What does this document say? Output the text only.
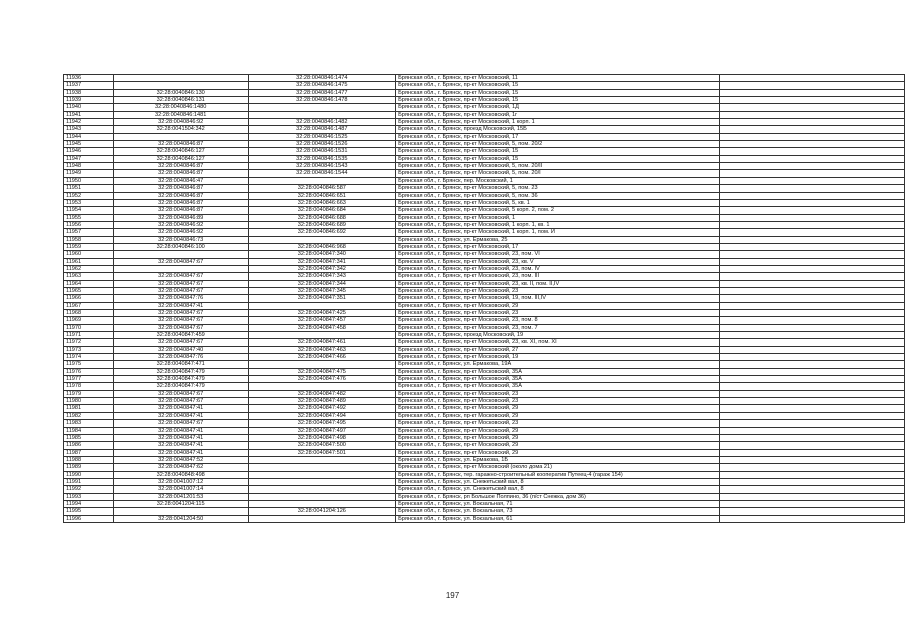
11936		32:28:0040846:1474	Брянская обл., г. Брянск, пр-кт Московский, 11	
11937		32:28:0040846:1475	Брянская обл., г. Брянск, пр-кт Московский, 15	
11938	32:28:0040846:130	32:28:0040846:1477	Брянская обл., г. Брянск, пр-кт Московский, 15	
11939	32:28:0040846:131	32:28:0040846:1478	Брянская обл., г. Брянск, пр-кт Московский, 15	
11940	32:28:0040846:1480		Брянская обл., г. Брянск, пр-кт Московский, 1Д	
11941	32:28:0040846:1481		Брянская обл., г. Брянск, пр-кт Московский, 1г	
11942	32:28:0040846:92	32:28:0040846:1482	Брянская обл., г. Брянск, пр-кт Московский, 1 корп. 1	
11943	32:28:0041504:342	32:28:0040846:1487	Брянская обл., г. Брянск, проезд Московский, 15Б	
11944		32:28:0040846:1525	Брянская обл., г. Брянск, пр-кт Московский, 17	
11945	32:28:0040846:87	32:28:0040846:1526	Брянская обл., г. Брянск, пр-кт Московский, 5, пом. 20/2	
11946	32:28:0040846:127	32:28:0040846:1531	Брянская обл., г. Брянск, пр-кт Московский, 15	
11947	32:28:0040846:127	32:28:0040846:1535	Брянская обл., г. Брянск, пр-кт Московский, 15	
11948	32:28:0040846:87	32:28:0040846:1543	Брянская обл., г. Брянск, пр-кт Московский, 5, пом. 20/II	
11949	32:28:0040846:87	32:28:0040846:1544	Брянская обл., г. Брянск, пр-кт Московский, 5, пом. 20/I	
11950	32:28:0040846:47		Брянская обл., г. Брянск, пер. Московский, 1	
11951	32:28:0040846:87	32:28:0040846:587	Брянская обл., г. Брянск, пр-кт Московский, 5, пом. 23	
11952	32:28:0040846:87	32:28:0040846:651	Брянская обл., г. Брянск, пр-кт Московский, 5, пом. 36	
11953	32:28:0040846:87	32:28:0040846:663	Брянская обл., г. Брянск, пр-кт Московский, 5, кв. 1	
11954	32:28:0040846:87	32:28:0040846:684	Брянская обл., г. Брянск, пр-кт Московский, 5 корп. 2, пом. 2	
11955	32:28:0040846:89	32:28:0040846:688	Брянская обл., г. Брянск, пр-кт Московский, 1	
11956	32:28:0040846:92	32:28:0040846:689	Брянская обл., г. Брянск, пр-кт Московский, 1 корп. 1, кв. 1	
11957	32:28:0040846:92	32:28:0040846:692	Брянская обл., г. Брянск, пр-кт Московский, 1 корп. 1, пом. И	
11958	32:28:0040846:73		Брянская обл., г. Брянск, ул. Ермакова, 25	
11959	32:28:0040846:100	32:28:0040846:968	Брянская обл., г. Брянск, пр-кт Московский, 17	
11960		32:28:0040847:340	Брянская обл., г. Брянск, пр-кт Московский, 23, пом. VI	
11961	32:28:0040847:67	32:28:0040847:341	Брянская обл., г. Брянск, пр-кт Московский, 23, кв. V	
11962		32:28:0040847:342	Брянская обл., г. Брянск, пр-кт Московский, 23, пом. IV	
11963	32:28:0040847:67	32:28:0040847:343	Брянская обл., г. Брянск, пр-кт Московский, 23, пом. III	
11964	32:28:0040847:67	32:28:0040847:344	Брянская обл., г. Брянск, пр-кт Московский, 23, кв. II, пом. II,IV	
11965	32:28:0040847:67	32:28:0040847:345	Брянская обл., г. Брянск, пр-кт Московский, 23	
11966	32:28:0040847:76	32:28:0040847:351	Брянская обл., г. Брянск, пр-кт Московский, 19, пом. III,IV	
11967	32:28:0040847:41		Брянская обл., г. Брянск, пр-кт Московский, 29	
11968	32:28:0040847:67	32:28:0040847:425	Брянская обл., г. Брянск, пр-кт Московский, 23	
11969	32:28:0040847:67	32:28:0040847:457	Брянская обл., г. Брянск, пр-кт Московский, 23, пом. 8	
11970	32:28:0040847:67	32:28:0040847:458	Брянская обл., г. Брянск, пр-кт Московский, 23, пом. 7	
11971	32:28:0040847:459		Брянская обл., г. Брянск, проезд Московский, 19	
11972	32:28:0040847:67	32:28:0040847:461	Брянская обл., г. Брянск, пр-кт Московский, 23, кв. XI, пом. XI	
11973	32:28:0040847:40	32:28:0040847:463	Брянская обл., г. Брянск, пр-кт Московский, 27	
11974	32:28:0040847:76	32:28:0040847:466	Брянская обл., г. Брянск, пр-кт Московский, 19	
11975	32:28:0040847:471		Брянская обл., г. Брянск, ул. Ермакова, 19А	
11976	32:28:0040847:479	32:28:0040847:475	Брянская обл., г. Брянск, пр-кт Московский, 35А	
11977	32:28:0040847:479	32:28:0040847:476	Брянская обл., г. Брянск, пр-кт Московский, 35А	
11978	32:28:0040847:479		Брянская обл., г. Брянск, пр-кт Московский, 35А	
11979	32:28:0040847:67	32:28:0040847:482	Брянская обл., г. Брянск, пр-кт Московский, 23	
11980	32:28:0040847:67	32:28:0040847:489	Брянская обл., г. Брянск, пр-кт Московский, 23	
11981	32:28:0040847:41	32:28:0040847:492	Брянская обл., г. Брянск, пр-кт Московский, 29	
11982	32:28:0040847:41	32:28:0040847:494	Брянская обл., г. Брянск, пр-кт Московский, 29	
11983	32:28:0040847:67	32:28:0040847:495	Брянская обл., г. Брянск, пр-кт Московский, 23	
11984	32:28:0040847:41	32:28:0040847:497	Брянская обл., г. Брянск, пр-кт Московский, 29	
11985	32:28:0040847:41	32:28:0040847:498	Брянская обл., г. Брянск, пр-кт Московский, 29	
11986	32:28:0040847:41	32:28:0040847:500	Брянская обл., г. Брянск, пр-кт Московский, 29	
11987	32:28:0040847:41	32:28:0040847:501	Брянская обл., г. Брянск, пр-кт Московский, 29	
11988	32:28:0040847:52		Брянская обл., г. Брянск, ул. Ермакова, 1Б	
11989	32:28:0040847:62		Брянская обл., г. Брянск, пр-кт Московский (около дома 21)	
11990	32:28:0040848:498		Брянская обл., г. Брянск, тер. гаражно-строительный кооператив Путеец-4 (гараж 154)	
11991	32:28:0041007:12		Брянская обл., г. Брянск, ул. Снежетьский вал, 8	
11992	32:28:0041007:14		Брянская обл., г. Брянск, ул. Снежетьский вал, 8	
11993	32:28:0041201:53		Брянская обл., г. Брянск, рп Большое Полпино, 36 (п/ст Снежка, дом 36)	
11994	32:28:0041204:115		Брянская обл., г. Брянск, ул. Вокзальная, 71	
11995		32:28:0041204:126	Брянская обл., г. Брянск, ул. Вокзальная, 73	
11996	32:28:0041204:50		Брянская обл., г. Брянск, ул. Вокзальная, 61	
197
